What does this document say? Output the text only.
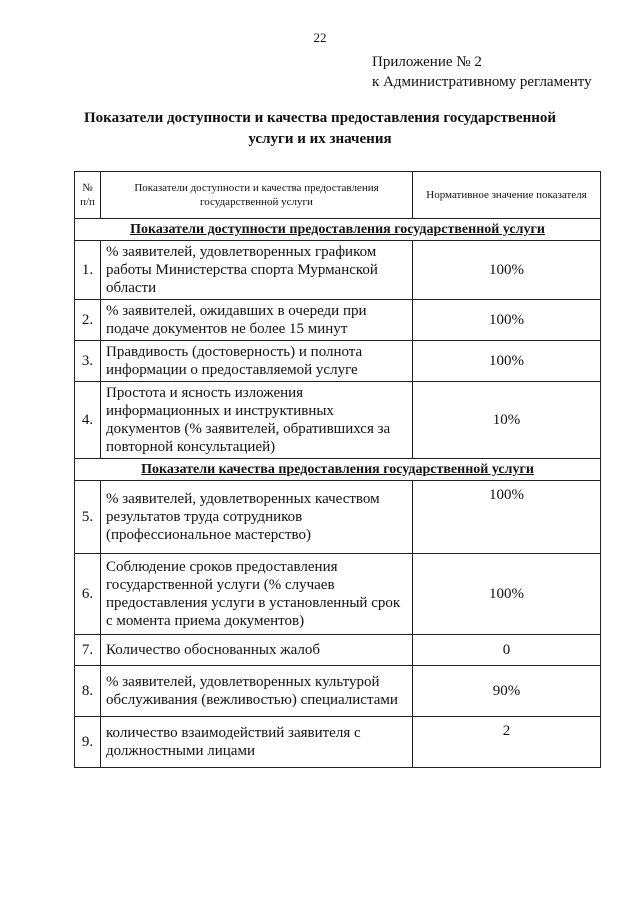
22
Приложение № 2
к Административному регламенту
Показатели доступности и качества предоставления государственной услуги и их значения
№ п/п	Показатели доступности и качества предоставления государственной услуги	Нормативное значение показателя
Показатели доступности предоставления государственной услуги		
1.	% заявителей, удовлетворенных графиком работы Министерства спорта Мурманской области	100%
2.	% заявителей, ожидавших в очереди при подаче документов не более 15 минут	100%
3.	Правдивость (достоверность) и полнота информации о предоставляемой услуге	100%
4.	Простота и ясность изложения информационных и инструктивных документов (% заявителей, обратившихся за повторной консультацией)	10%
Показатели качества предоставления государственной услуги		
5.	% заявителей, удовлетворенных качеством результатов труда сотрудников (профессиональное мастерство)	100%
6.	Соблюдение сроков предоставления государственной услуги (% случаев предоставления услуги в установленный срок с момента приема документов)	100%
7.	Количество обоснованных жалоб	0
8.	% заявителей, удовлетворенных культурой обслуживания (вежливостью) специалистами	90%
9.	количество взаимодействий заявителя с должностными лицами	2
